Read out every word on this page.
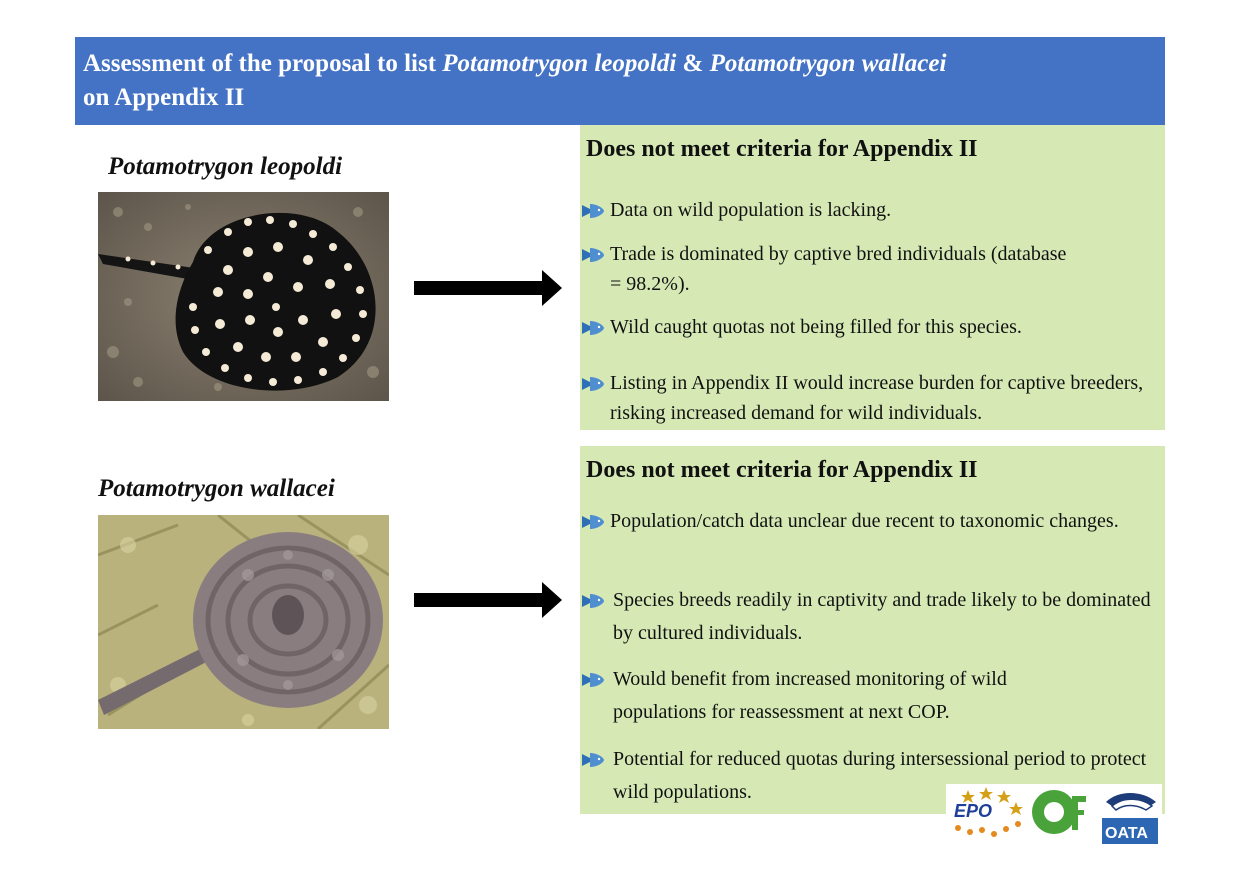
Assessment of the proposal to list Potamotrygon leopoldi & Potamotrygon wallacei
on Appendix II
Potamotrygon leopoldi
Does not meet criteria for Appendix II
Data on wild population is lacking.
Trade is dominated by captive bred individuals (database = 98.2%).
Wild caught quotas not being filled for this species.
Listing in Appendix II would increase burden for captive breeders, risking increased demand for wild individuals.
Potamotrygon wallacei
Does not meet criteria for Appendix II
Population/catch data unclear due recent to taxonomic changes.
Species breeds readily in captivity and trade likely to be dominated by cultured individuals.
Would benefit from increased monitoring of wild populations for reassessment at next COP.
Potential for reduced quotas during intersessional period to protect wild populations.
EPO
OATA
